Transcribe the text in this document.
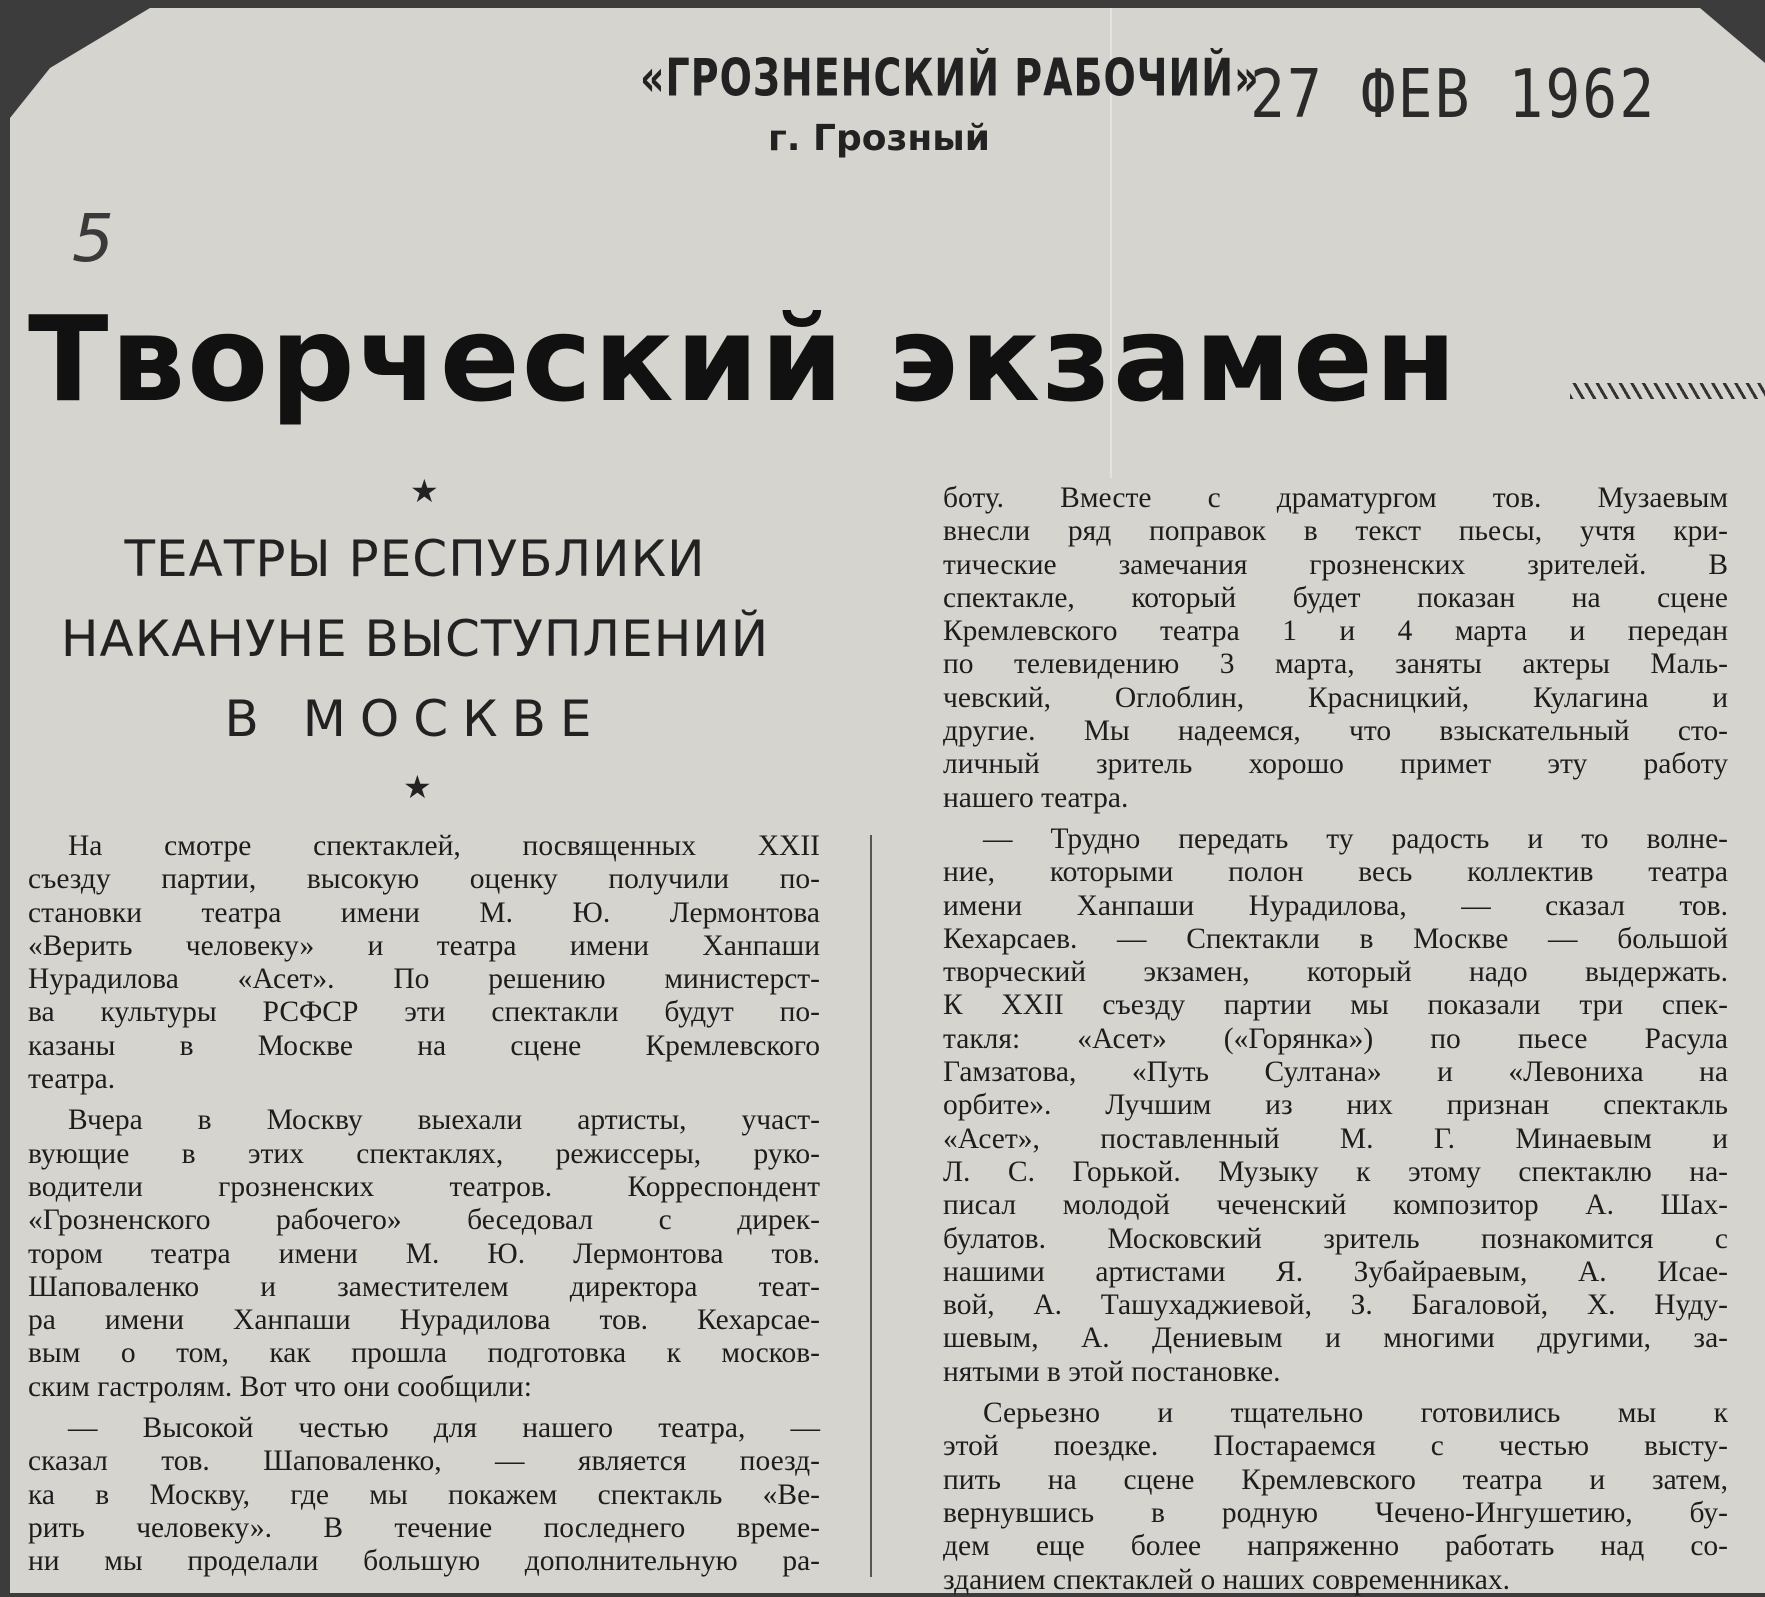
«ГРОЗНЕНСКИЙ РАБОЧИЙ»
г. Грозный
27 ФЕВ 1962
5
Творческий экзамен
★
ТЕАТРЫ РЕСПУБЛИКИ
НАКАНУНЕ ВЫСТУПЛЕНИЙ
В МОСКВЕ
★
На смотре спектаклей, посвященных XXII
съезду партии, высокую оценку получили по-
становки театра имени М. Ю. Лермонтова
«Верить человеку» и театра имени Ханпаши
Нурадилова «Асет». По решению министерст-
ва культуры РСФСР эти спектакли будут по-
казаны в Москве на сцене Кремлевского
театра.
Вчера в Москву выехали артисты, участ-
вующие в этих спектаклях, режиссеры, руко-
водители грозненских театров. Корреспондент
«Грозненского рабочего» беседовал с дирек-
тором театра имени М. Ю. Лермонтова тов.
Шаповаленко и заместителем директора теат-
ра имени Ханпаши Нурадилова тов. Кехарсае-
вым о том, как прошла подготовка к москов-
ским гастролям. Вот что они сообщили:
— Высокой честью для нашего театра, —
сказал тов. Шаповаленко, — является поезд-
ка в Москву, где мы покажем спектакль «Ве-
рить человеку». В течение последнего време-
ни мы проделали большую дополнительную ра-
боту. Вместе с драматургом тов. Музаевым
внесли ряд поправок в текст пьесы, учтя кри-
тические замечания грозненских зрителей. В
спектакле, который будет показан на сцене
Кремлевского театра 1 и 4 марта и передан
по телевидению 3 марта, заняты актеры Маль-
чевский, Оглоблин, Красницкий, Кулагина и
другие. Мы надеемся, что взыскательный сто-
личный зритель хорошо примет эту работу
нашего театра.
— Трудно передать ту радость и то волне-
ние, которыми полон весь коллектив театра
имени Ханпаши Нурадилова, — сказал тов.
Кехарсаев. — Спектакли в Москве — большой
творческий экзамен, который надо выдержать.
К XXII съезду партии мы показали три спек-
такля: «Асет» («Горянка») по пьесе Расула
Гамзатова, «Путь Султана» и «Левониха на
орбите». Лучшим из них признан спектакль
«Асет», поставленный М. Г. Минаевым и
Л. С. Горькой. Музыку к этому спектаклю на-
писал молодой чеченский композитор А. Шах-
булатов. Московский зритель познакомится с
нашими артистами Я. Зубайраевым, А. Исае-
вой, А. Ташухаджиевой, З. Багаловой, Х. Нуду-
шевым, А. Дениевым и многими другими, за-
нятыми в этой постановке.
Серьезно и тщательно готовились мы к
этой поездке. Постараемся с честью высту-
пить на сцене Кремлевского театра и затем,
вернувшись в родную Чечено-Ингушетию, бу-
дем еще более напряженно работать над со-
зданием спектаклей о наших современниках.
